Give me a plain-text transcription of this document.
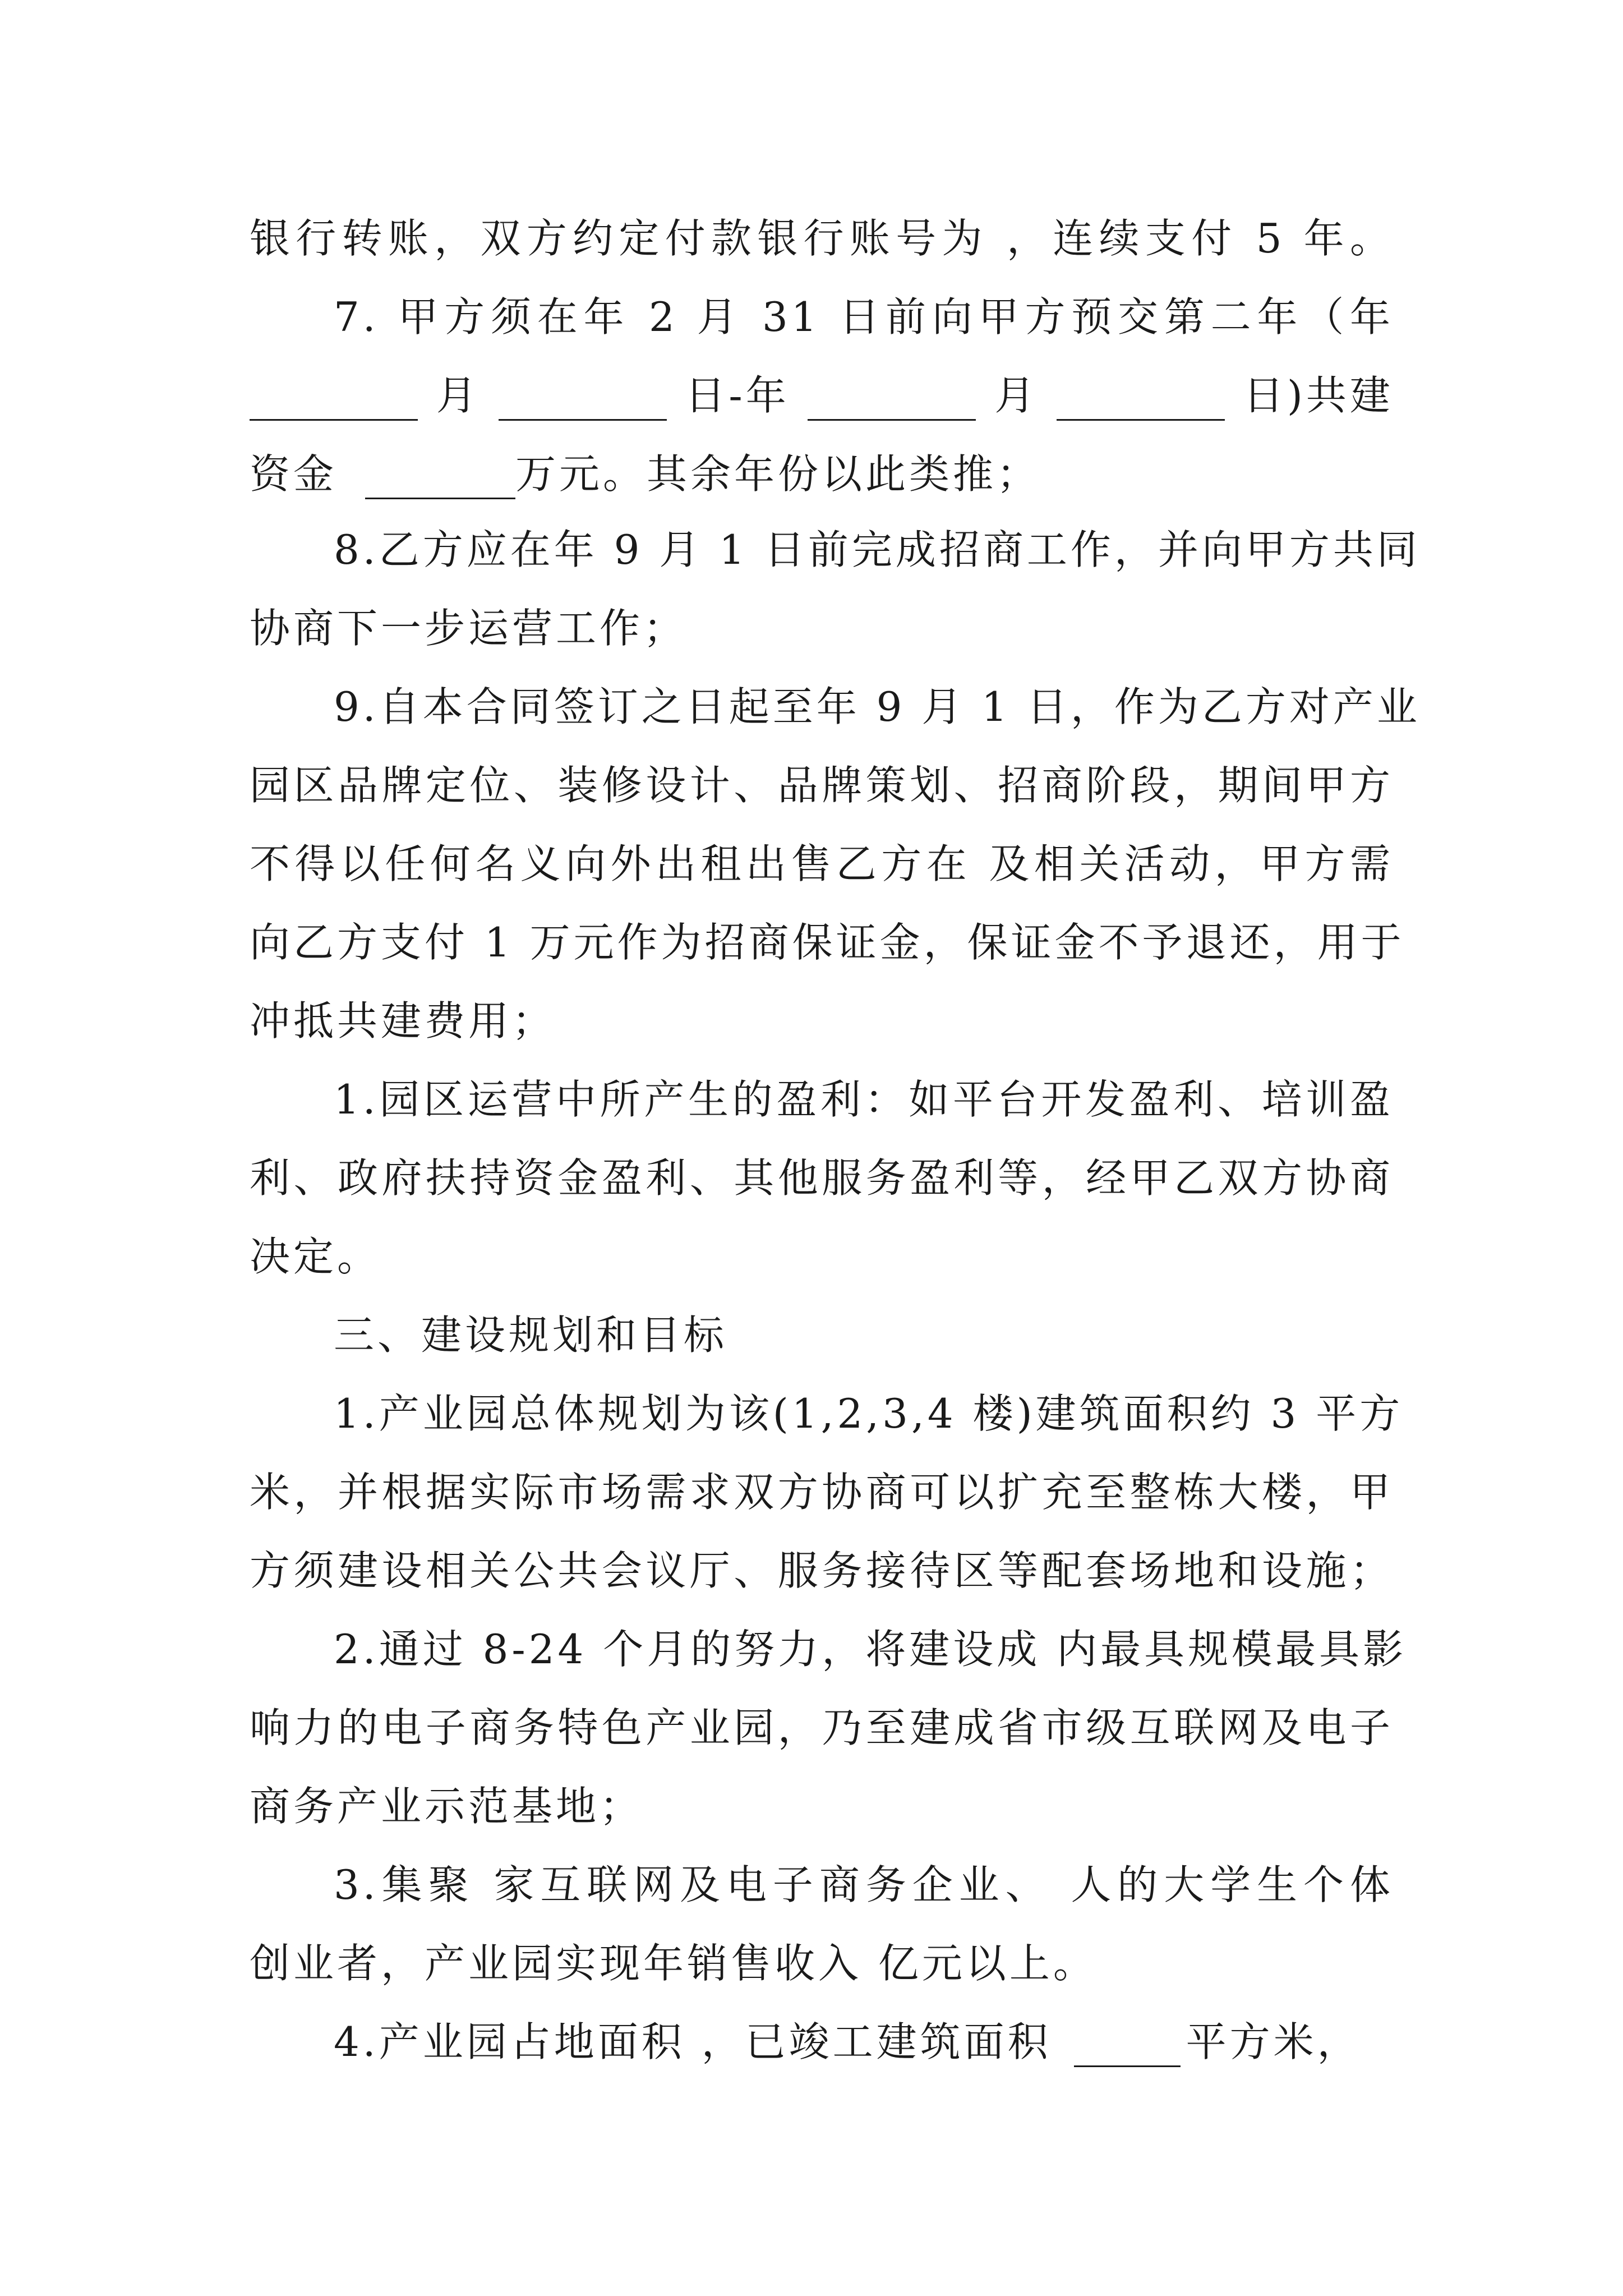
银行转账，双方约定付款银行账号为 ，连续支付 5 年。
7. 甲方须在年 2 月 31 日前向甲方预交第二年（年
月	日-年	月	日)共建
资金	万元。其余年份以此类推；
8.乙方应在年 9 月 1 日前完成招商工作，并向甲方共同
协商下一步运营工作；
9.自本合同签订之日起至年 9 月 1 日，作为乙方对产业
园区品牌定位、装修设计、品牌策划、招商阶段，期间甲方
不得以任何名义向外出租出售乙方在 及相关活动，甲方需
向乙方支付 1 万元作为招商保证金，保证金不予退还，用于
冲抵共建费用；
1.园区运营中所产生的盈利：如平台开发盈利、培训盈
利、政府扶持资金盈利、其他服务盈利等，经甲乙双方协商
决定。
三、建设规划和目标
1.产业园总体规划为该(1,2,3,4 楼)建筑面积约 3 平方
米，并根据实际市场需求双方协商可以扩充至整栋大楼，甲
方须建设相关公共会议厅、服务接待区等配套场地和设施；
2.通过 8-24 个月的努力，将建设成 内最具规模最具影
响力的电子商务特色产业园，乃至建成省市级互联网及电子
商务产业示范基地；
3.集聚 家互联网及电子商务企业、 人的大学生个体
创业者，产业园实现年销售收入 亿元以上。
4.产业园占地面积 ，已竣工建筑面积	平方米，
